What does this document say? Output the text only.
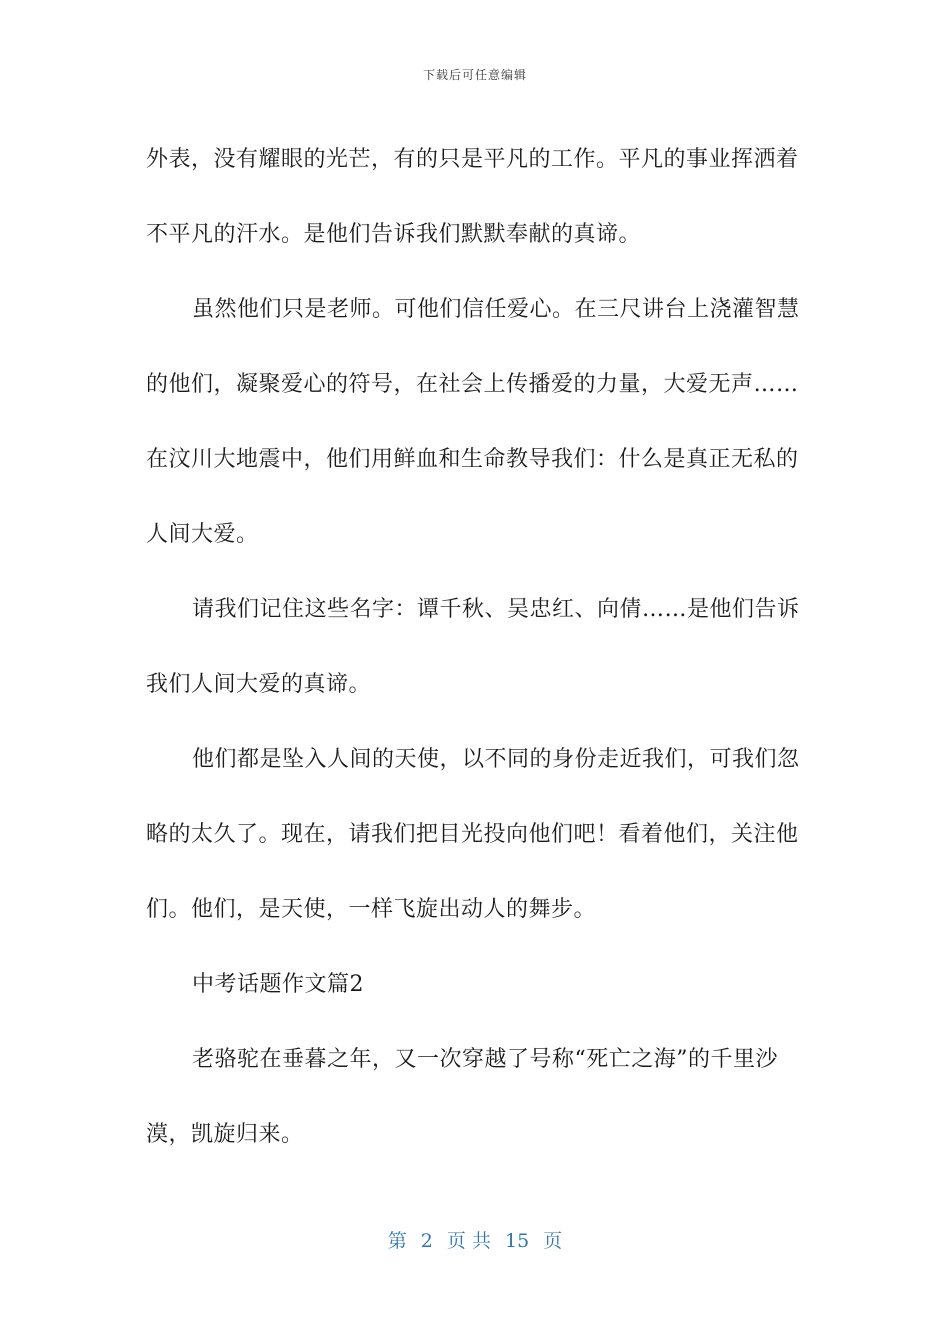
下载后可任意编辑

外表，没有耀眼的光芒，有的只是平凡的工作。平凡的事业挥洒着不平凡的汗水。是他们告诉我们默默奉献的真谛。

虽然他们只是老师。可他们信任爱心。在三尺讲台上浇灌智慧的他们，凝聚爱心的符号，在社会上传播爱的力量，大爱无声……在汶川大地震中，他们用鲜血和生命教导我们：什么是真正无私的人间大爱。

请我们记住这些名字：谭千秋、吴忠红、向倩……是他们告诉我们人间大爱的真谛。

他们都是坠入人间的天使，以不同的身份走近我们，可我们忽略的太久了。现在，请我们把目光投向他们吧！看着他们，关注他们。他们，是天使，一样飞旋出动人的舞步。

中考话题作文篇2

老骆驼在垂暮之年，又一次穿越了号称“死亡之海”的千里沙漠，凯旋归来。

第 2 页 共 15 页
